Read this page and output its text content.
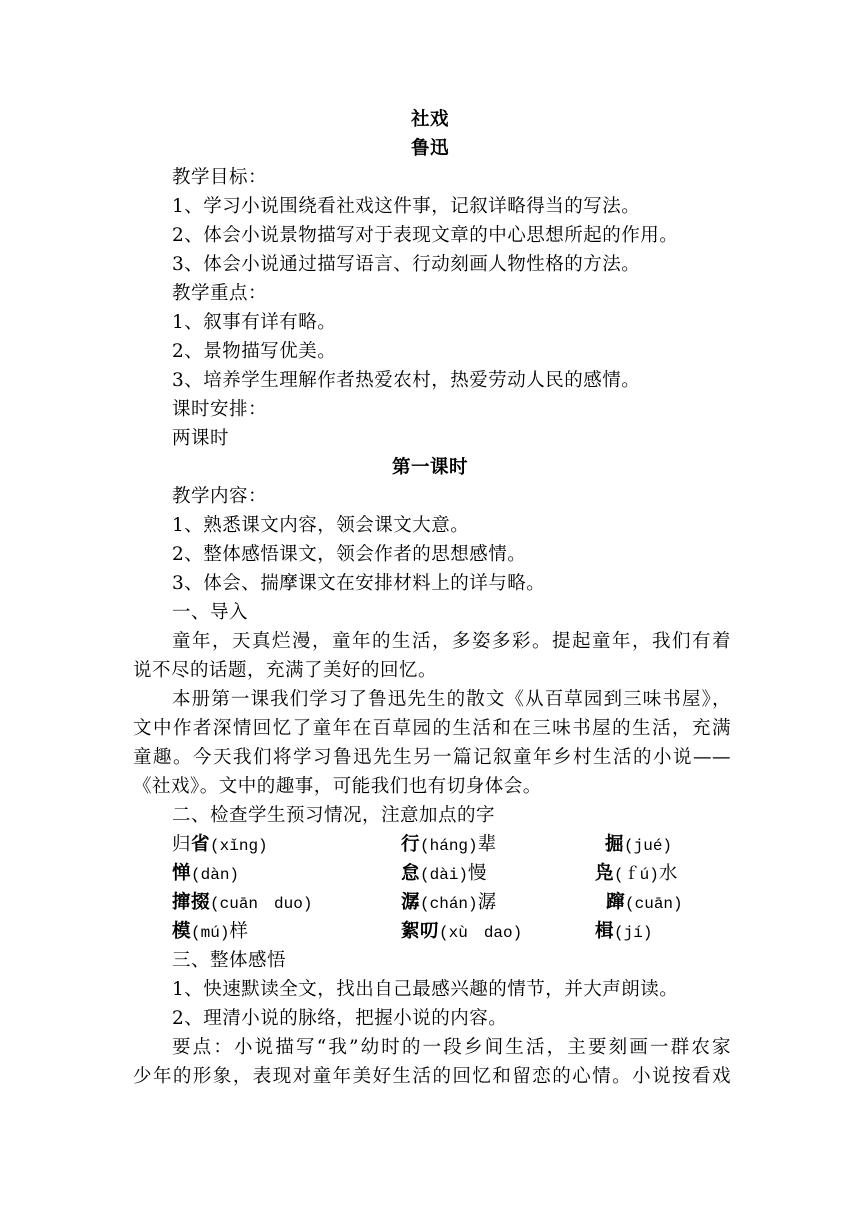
社戏
鲁迅
教学目标：
1、学习小说围绕看社戏这件事，记叙详略得当的写法。
2、体会小说景物描写对于表现文章的中心思想所起的作用。
3、体会小说通过描写语言、行动刻画人物性格的方法。
教学重点：
1、叙事有详有略。
2、景物描写优美。
3、培养学生理解作者热爱农村，热爱劳动人民的感情。
课时安排：
两课时
第一课时
教学内容：
1、熟悉课文内容，领会课文大意。
2、整体感悟课文，领会作者的思想感情。
3、体会、揣摩课文在安排材料上的详与略。
一、导入
童年，天真烂漫，童年的生活，多姿多彩。提起童年，我们有着
说不尽的话题，充满了美好的回忆。
本册第一课我们学习了鲁迅先生的散文《从百草园到三味书屋》，
文中作者深情回忆了童年在百草园的生活和在三味书屋的生活，充满
童趣。今天我们将学习鲁迅先生另一篇记叙童年乡村生活的小说——
《社戏》。文中的趣事，可能我们也有切身体会。
二、检查学生预习情况，注意加点的字
归省(xǐng)	行(háng)辈	掘(jué)
惮(dàn)	怠(dài)慢	凫(ｆú)水
撺掇(cuān　duo)	潺(chán)潺	蹿(cuān)
模(mú)样	絮叨(xù　dao)	楫(jí)
三、整体感悟
1、快速默读全文，找出自己最感兴趣的情节，并大声朗读。
2、理清小说的脉络，把握小说的内容。
要点：小说描写“我”幼时的一段乡间生活，主要刻画一群农家
少年的形象，表现对童年美好生活的回忆和留恋的心情。小说按看戏
